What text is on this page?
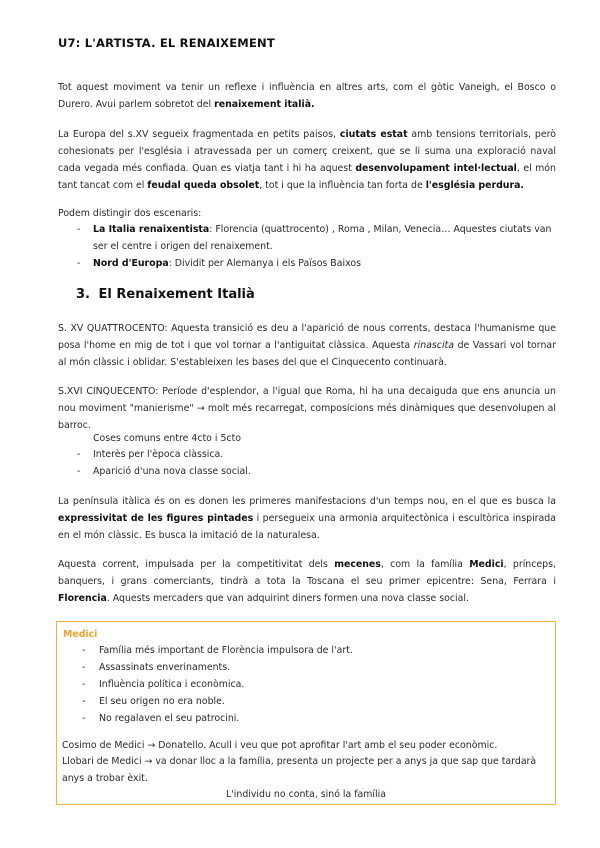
U7: L'ARTISTA. EL RENAIXEMENT
Tot aquest moviment va tenir un reflexe i influència en altres arts, com el gòtic Vaneigh, el Bosco o Durero. Avui parlem sobretot del renaixement italià.
La Europa del s.XV segueix fragmentada en petits paisos, ciutats estat amb tensions territorials, però cohesionats per l'església i atravessada per un comerç creixent, que se li suma una exploració naval cada vegada més confiada. Quan es viatja tant i hi ha aquest desenvolupament intel·lectual, el món tant tancat com el feudal queda obsolet, tot i que la influència tan forta de l'església perdura.
Podem distingir dos escenaris:
- La Italia renaixentista: Florencia (quattrocento) , Roma , Milan, Venecia… Aquestes ciutats van ser el centre i origen del renaixement.
- Nord d'Europa: Dividit per Alemanya i els Països Baixos
3. El Renaixement Italià
S. XV QUATTROCENTO: Aquesta transició es deu a l'aparició de nous corrents, destaca l'humanisme que posa l'home en mig de tot i que vol tornar a l'antiguitat clàssica. Aquesta rinascita de Vassari vol tornar al món clàssic i oblidar. S'estableixen les bases del que el Cinquecento continuarà.
S.XVI CINQUECENTO: Període d'esplendor, a l'igual que Roma, hi ha una decaiguda que ens anuncia un nou moviment "manierisme" → molt més recarregat, composicions més dinàmiques que desenvolupen al barroc.
Coses comuns entre 4cto i 5cto
- Interès per l'època clàssica.
- Aparició d'una nova classe social.
La península itàlica és on es donen les primeres manifestacions d'un temps nou, en el que es busca la expressivitat de les figures pintades i persegueix una armonia arquitectònica i escultòrica inspirada en el món clàssic. Es busca la imitació de la naturalesa.
Aquesta corrent, impulsada per la competitivitat dels mecenes, com la família Medici, prínceps, banquers, i grans comerciants, tindrà a tota la Toscana el seu primer epicentre: Sena, Ferrara i Florencia. Aquests mercaders que van adquirint diners formen una nova classe social.
Medici
- Família més important de Florència impulsora de l'art.
- Assassinats enverinaments.
- Influència política i econòmica.
- El seu origen no era noble.
- No regalaven el seu patrocini.
Cosimo de Medici → Donatello. Acull i veu que pot aprofitar l'art amb el seu poder econòmic.
Llobari de Medici → va donar lloc a la família, presenta un projecte per a anys ja que sap que tardarà anys a trobar èxit.
L'individu no conta, sinó la família
